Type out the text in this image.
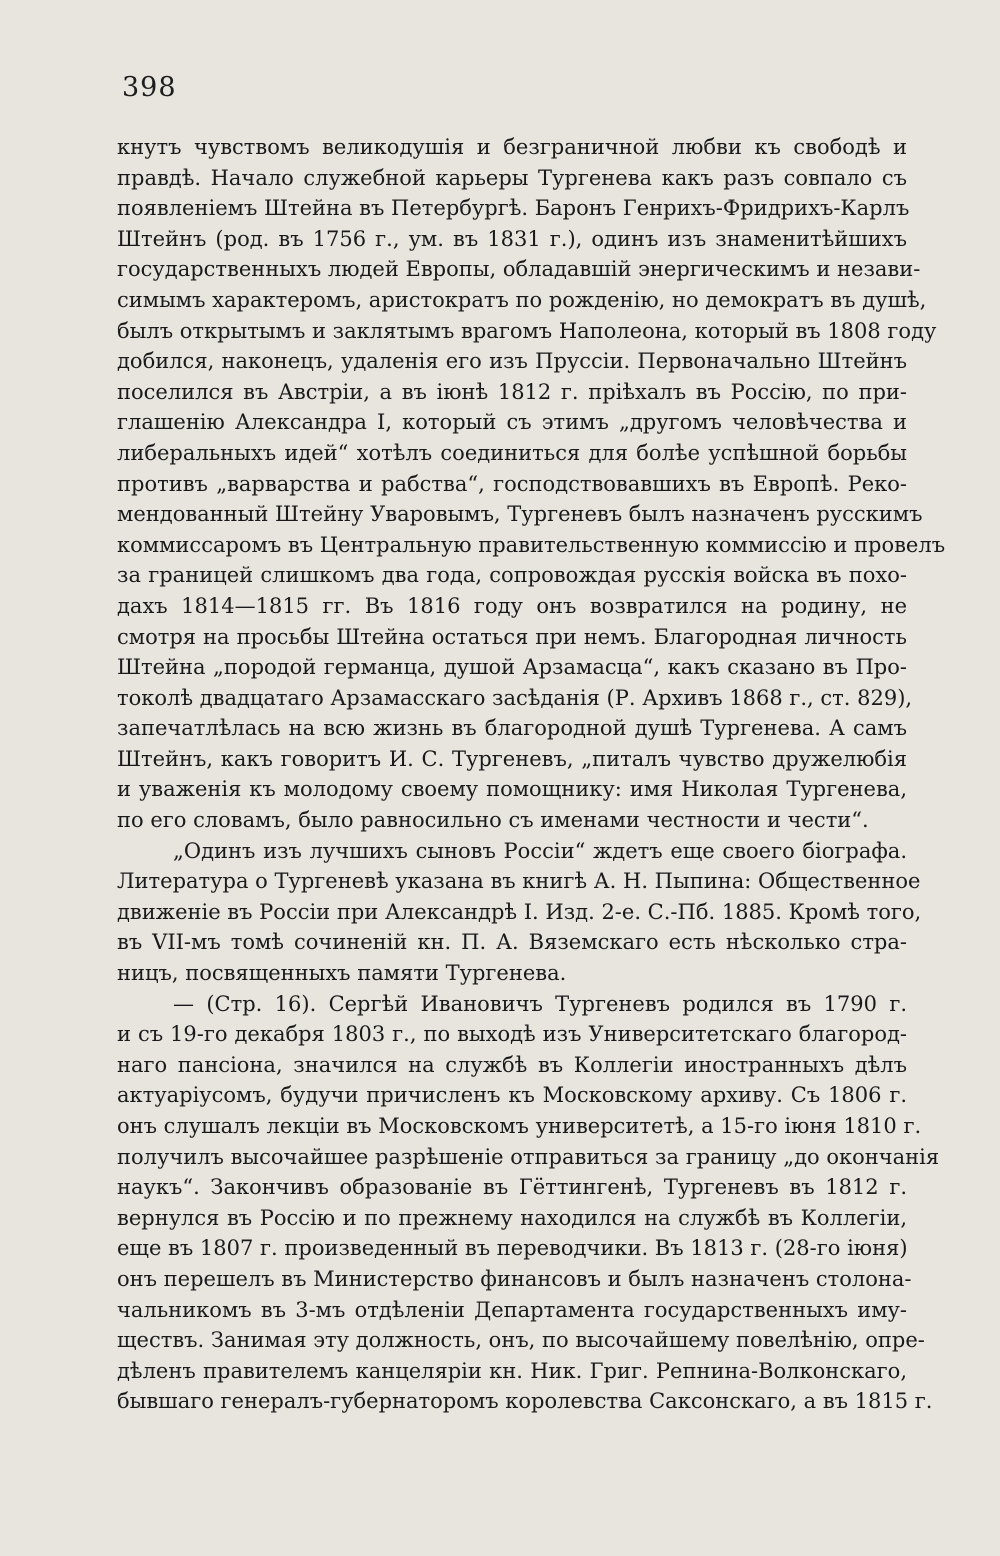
398
кнутъ чувствомъ великодушія и безграничной любви къ свободѣ и
правдѣ. Начало служебной карьеры Тургенева какъ разъ совпало съ
появленіемъ Штейна въ Петербургѣ. Баронъ Генрихъ-Фридрихъ-Карлъ
Штейнъ (род. въ 1756 г., ум. въ 1831 г.), одинъ изъ знаменитѣйшихъ
государственныхъ людей Европы, обладавшій энергическимъ и незави-
симымъ характеромъ, аристократъ по рожденію, но демократъ въ душѣ,
былъ открытымъ и заклятымъ врагомъ Наполеона, который въ 1808 году
добился, наконецъ, удаленія его изъ Пруссіи. Первоначально Штейнъ
поселился въ Австріи, а въ іюнѣ 1812 г. пріѣхалъ въ Россію, по при-
глашенію Александра I, который съ этимъ „другомъ человѣчества и
либеральныхъ идей“ хотѣлъ соединиться для болѣе успѣшной борьбы
противъ „варварства и рабства“, господствовавшихъ въ Европѣ. Реко-
мендованный Штейну Уваровымъ, Тургеневъ былъ назначенъ русскимъ
коммиссаромъ въ Центральную правительственную коммиссію и провелъ
за границей слишкомъ два года, сопровождая русскія войска въ похо-
дахъ 1814—1815 гг. Въ 1816 году онъ возвратился на родину, не
смотря на просьбы Штейна остаться при немъ. Благородная личность
Штейна „породой германца, душой Арзамасца“, какъ сказано въ Про-
токолѣ двадцатаго Арзамасскаго засѣданія (Р. Архивъ 1868 г., ст. 829),
запечатлѣлась на всю жизнь въ благородной душѣ Тургенева. А самъ
Штейнъ, какъ говоритъ И. С. Тургеневъ, „питалъ чувство дружелюбія
и уваженія къ молодому своему помощнику: имя Николая Тургенева,
по его словамъ, было равносильно съ именами честности и чести“.
„Одинъ изъ лучшихъ сыновъ Россіи“ ждетъ еще своего біографа.
Литература о Тургеневѣ указана въ книгѣ А. Н. Пыпина: Общественное
движеніе въ Россіи при Александрѣ I. Изд. 2-е. С.-Пб. 1885. Кромѣ того,
въ VII-мъ томѣ сочиненій кн. П. А. Вяземскаго есть нѣсколько стра-
ницъ, посвященныхъ памяти Тургенева.
— (Стр. 16). Сергѣй Ивановичъ Тургеневъ родился въ 1790 г.
и съ 19-го декабря 1803 г., по выходѣ изъ Университетскаго благород-
наго пансіона, значился на службѣ въ Коллегіи иностранныхъ дѣлъ
актуаріусомъ, будучи причисленъ къ Московскому архиву. Съ 1806 г.
онъ слушалъ лекціи въ Московскомъ университетѣ, а 15-го іюня 1810 г.
получилъ высочайшее разрѣшеніе отправиться за границу „до окончанія
наукъ“. Закончивъ образованіе въ Гёттингенѣ, Тургеневъ въ 1812 г.
вернулся въ Россію и по прежнему находился на службѣ въ Коллегіи,
еще въ 1807 г. произведенный въ переводчики. Въ 1813 г. (28-го іюня)
онъ перешелъ въ Министерство финансовъ и былъ назначенъ столона-
чальникомъ въ 3-мъ отдѣленіи Департамента государственныхъ иму-
ществъ. Занимая эту должность, онъ, по высочайшему повелѣнію, опре-
дѣленъ правителемъ канцеляріи кн. Ник. Григ. Репнина-Волконскаго,
бывшаго генералъ-губернаторомъ королевства Саксонскаго, а въ 1815 г.
